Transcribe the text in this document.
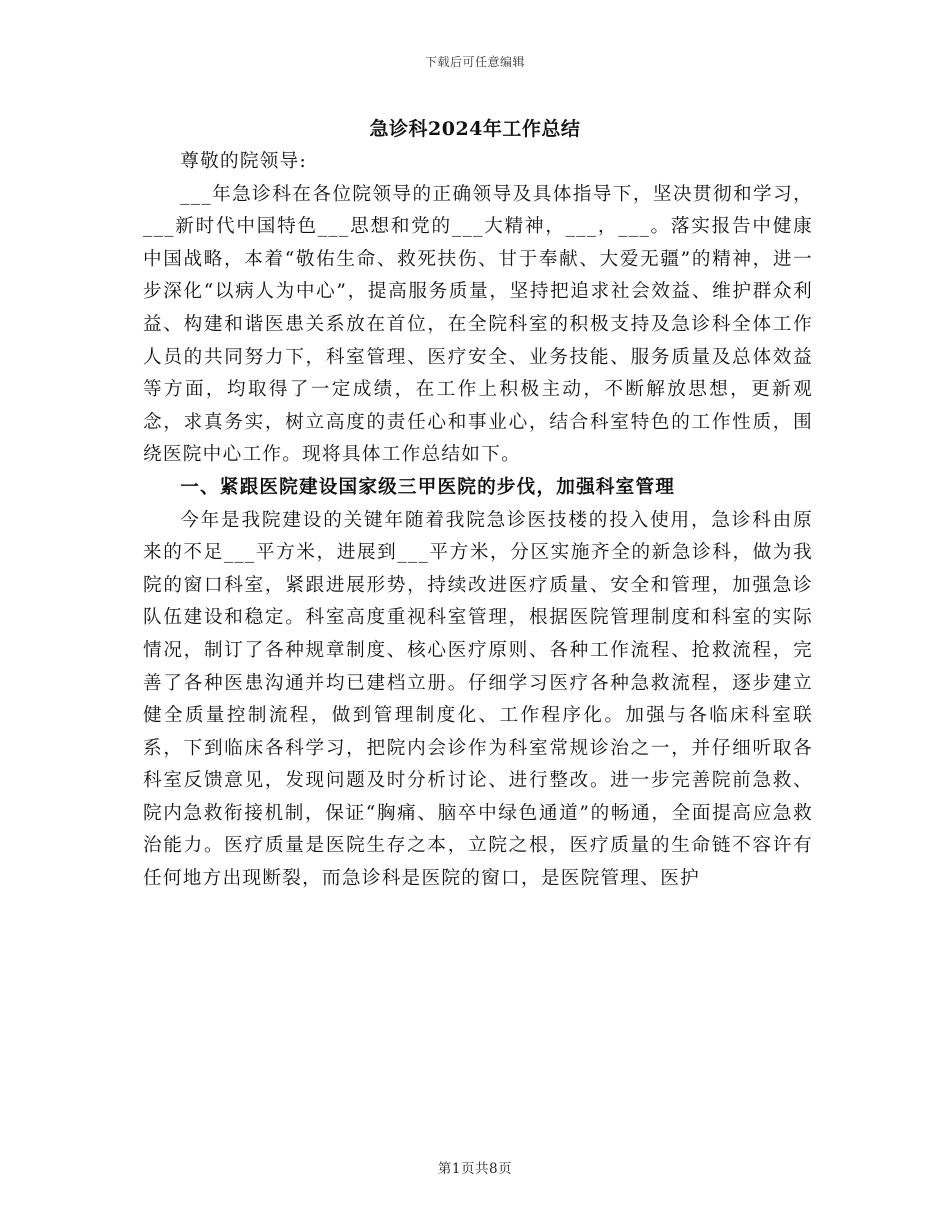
下载后可任意编辑
急诊科2024年工作总结

尊敬的院领导:

___年急诊科在各位院领导的正确领导及具体指导下，坚决贯彻和学习，___新时代中国特色___思想和党的___大精神，___，___。落实报告中健康中国战略，本着“敬佑生命、救死扶伤、甘于奉献、大爱无疆”的精神，进一步深化“以病人为中心”，提高服务质量，坚持把追求社会效益、维护群众利益、构建和谐医患关系放在首位，在全院科室的积极支持及急诊科全体工作人员的共同努力下，科室管理、医疗安全、业务技能、服务质量及总体效益等方面，均取得了一定成绩，在工作上积极主动，不断解放思想，更新观念，求真务实，树立高度的责任心和事业心，结合科室特色的工作性质，围绕医院中心工作。现将具体工作总结如下。

一、紧跟医院建设国家级三甲医院的步伐，加强科室管理

今年是我院建设的关键年随着我院急诊医技楼的投入使用，急诊科由原来的不足___平方米，进展到___平方米，分区实施齐全的新急诊科，做为我院的窗口科室，紧跟进展形势，持续改进医疗质量、安全和管理，加强急诊队伍建设和稳定。科室高度重视科室管理，根据医院管理制度和科室的实际情况，制订了各种规章制度、核心医疗原则、各种工作流程、抢救流程，完善了各种医患沟通并均已建档立册。仔细学习医疗各种急救流程，逐步建立健全质量控制流程，做到管理制度化、工作程序化。加强与各临床科室联系，下到临床各科学习，把院内会诊作为科室常规诊治之一，并仔细听取各科室反馈意见，发现问题及时分析讨论、进行整改。进一步完善院前急救、院内急救衔接机制，保证“胸痛、脑卒中绿色通道”的畅通，全面提高应急救治能力。医疗质量是医院生存之本，立院之根，医疗质量的生命链不容许有任何地方出现断裂，而急诊科是医院的窗口，是医院管理、医护

第1页共8页
